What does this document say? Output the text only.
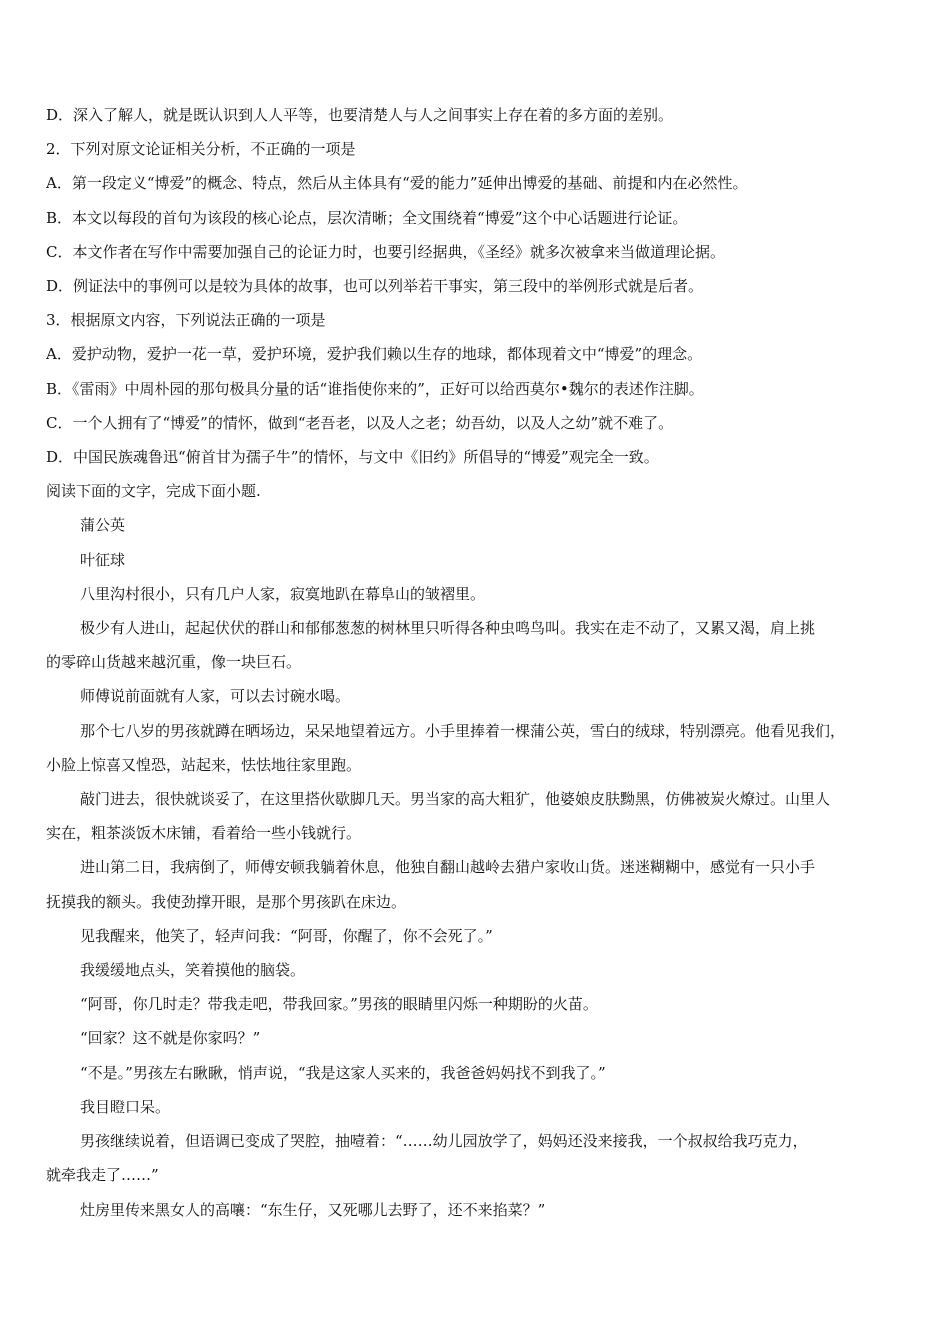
D．深入了解人，就是既认识到人人平等，也要清楚人与人之间事实上存在着的多方面的差别。
2．下列对原文论证相关分析，不正确的一项是
A．第一段定义“博爱”的概念、特点，然后从主体具有“爱的能力”延伸出博爱的基础、前提和内在必然性。
B．本文以每段的首句为该段的核心论点，层次清晰；全文围绕着“博爱”这个中心话题进行论证。
C．本文作者在写作中需要加强自己的论证力时，也要引经据典，《圣经》就多次被拿来当做道理论据。
D．例证法中的事例可以是较为具体的故事，也可以列举若干事实，第三段中的举例形式就是后者。
3．根据原文内容，下列说法正确的一项是
A．爱护动物，爱护一花一草，爱护环境，爱护我们赖以生存的地球，都体现着文中“博爱”的理念。
B．《雷雨》中周朴园的那句极具分量的话“谁指使你来的”，正好可以给西莫尔•魏尔的表述作注脚。
C．一个人拥有了“博爱”的情怀，做到“老吾老，以及人之老；幼吾幼，以及人之幼”就不难了。
D．中国民族魂鲁迅“俯首甘为孺子牛”的情怀，与文中《旧约》所倡导的“博爱”观完全一致。
阅读下面的文字，完成下面小题.
蒲公英
叶征球
八里沟村很小，只有几户人家，寂寞地趴在幕阜山的皱褶里。
极少有人进山，起起伏伏的群山和郁郁葱葱的树林里只听得各种虫鸣鸟叫。我实在走不动了，又累又渴，肩上挑
的零碎山货越来越沉重，像一块巨石。
师傅说前面就有人家，可以去讨碗水喝。
那个七八岁的男孩就蹲在晒场边，呆呆地望着远方。小手里捧着一棵蒲公英，雪白的绒球，特别漂亮。他看见我们，
小脸上惊喜又惶恐，站起来，怯怯地往家里跑。
敲门进去，很快就谈妥了，在这里搭伙歇脚几天。男当家的高大粗犷，他婆娘皮肤黝黑，仿佛被炭火燎过。山里人
实在，粗茶淡饭木床铺，看着给一些小钱就行。
进山第二日，我病倒了，师傅安顿我躺着休息，他独自翻山越岭去猎户家收山货。迷迷糊糊中，感觉有一只小手
抚摸我的额头。我使劲撑开眼，是那个男孩趴在床边。
见我醒来，他笑了，轻声问我：“阿哥，你醒了，你不会死了。”
我缓缓地点头，笑着摸他的脑袋。
“阿哥，你几时走？带我走吧，带我回家。”男孩的眼睛里闪烁一种期盼的火苗。
“回家？这不就是你家吗？”
“不是。”男孩左右瞅瞅，悄声说，“我是这家人买来的，我爸爸妈妈找不到我了。”
我目瞪口呆。
男孩继续说着，但语调已变成了哭腔，抽噎着：“……幼儿园放学了，妈妈还没来接我，一个叔叔给我巧克力，
就牵我走了……”
灶房里传来黑女人的高嚷：“东生仔，又死哪儿去野了，还不来掐菜？”
